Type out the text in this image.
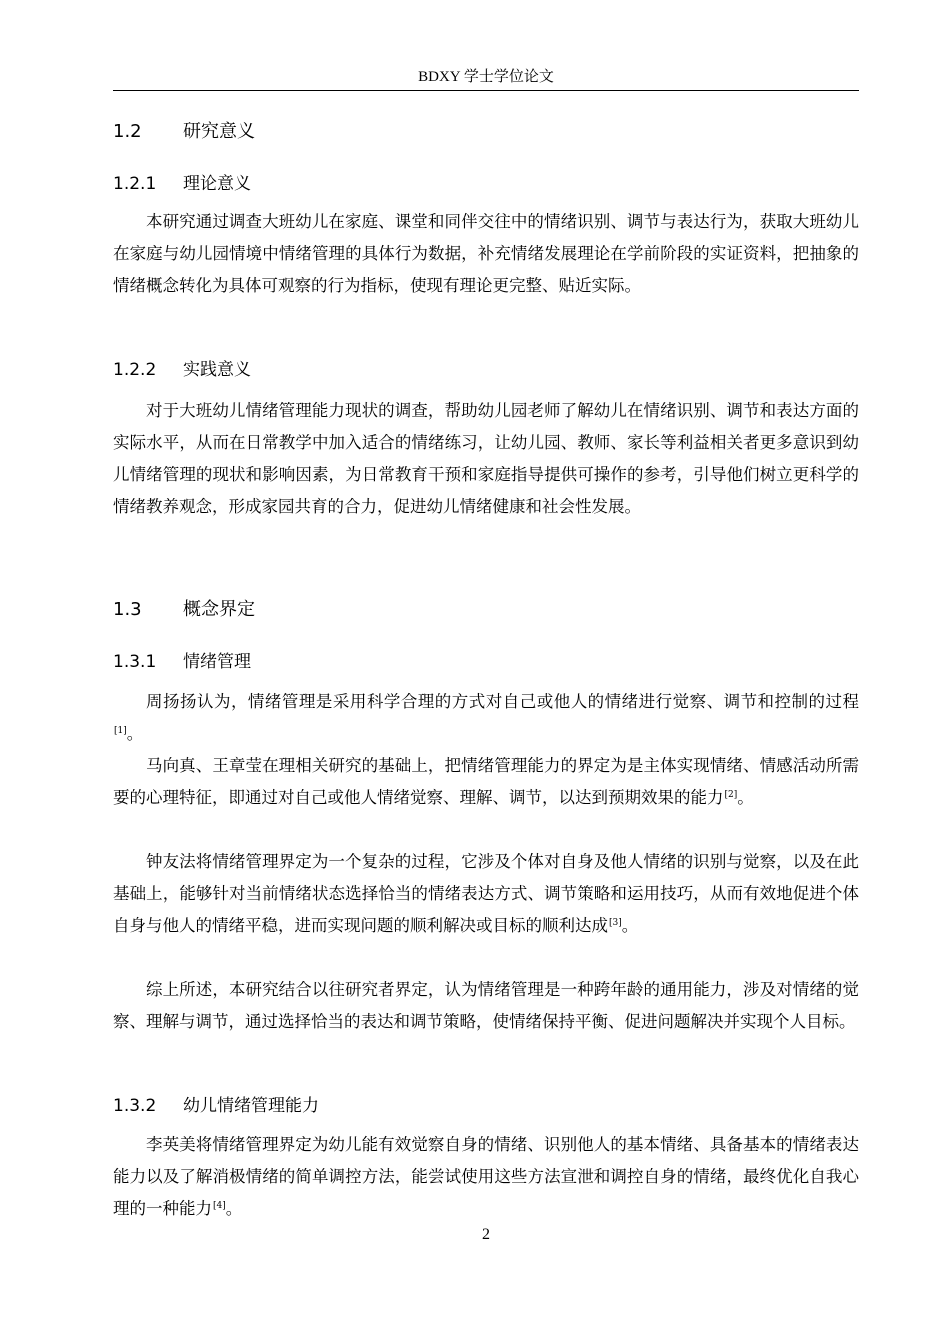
BDXY 学士学位论文
1.2 研究意义
1.2.1 理论意义

本研究通过调查大班幼儿在家庭、课堂和同伴交往中的情绪识别、调节与表达行为，获取大班幼儿在家庭与幼儿园情境中情绪管理的具体行为数据，补充情绪发展理论在学前阶段的实证资料，把抽象的情绪概念转化为具体可观察的行为指标，使现有理论更完整、贴近实际。

1.2.2 实践意义

对于大班幼儿情绪管理能力现状的调查，帮助幼儿园老师了解幼儿在情绪识别、调节和表达方面的实际水平，从而在日常教学中加入适合的情绪练习，让幼儿园、教师、家长等利益相关者更多意识到幼儿情绪管理的现状和影响因素，为日常教育干预和家庭指导提供可操作的参考，引导他们树立更科学的情绪教养观念，形成家园共育的合力，促进幼儿情绪健康和社会性发展。

1.3 概念界定
1.3.1 情绪管理

周扬扬认为，情绪管理是采用科学合理的方式对自己或他人的情绪进行觉察、调节和控制的过程[1]。

马向真、王章莹在理相关研究的基础上，把情绪管理能力的界定为是主体实现情绪、情感活动所需要的心理特征，即通过对自己或他人情绪觉察、理解、调节，以达到预期效果的能力[2]。

钟友法将情绪管理界定为一个复杂的过程，它涉及个体对自身及他人情绪的识别与觉察，以及在此基础上，能够针对当前情绪状态选择恰当的情绪表达方式、调节策略和运用技巧，从而有效地促进个体自身与他人的情绪平稳，进而实现问题的顺利解决或目标的顺利达成[3]。

综上所述，本研究结合以往研究者界定，认为情绪管理是一种跨年龄的通用能力，涉及对情绪的觉察、理解与调节，通过选择恰当的表达和调节策略，使情绪保持平衡、促进问题解决并实现个人目标。

1.3.2 幼儿情绪管理能力

李英美将情绪管理界定为幼儿能有效觉察自身的情绪、识别他人的基本情绪、具备基本的情绪表达能力以及了解消极情绪的简单调控方法，能尝试使用这些方法宣泄和调控自身的情绪，最终优化自我心理的一种能力[4]。

2
